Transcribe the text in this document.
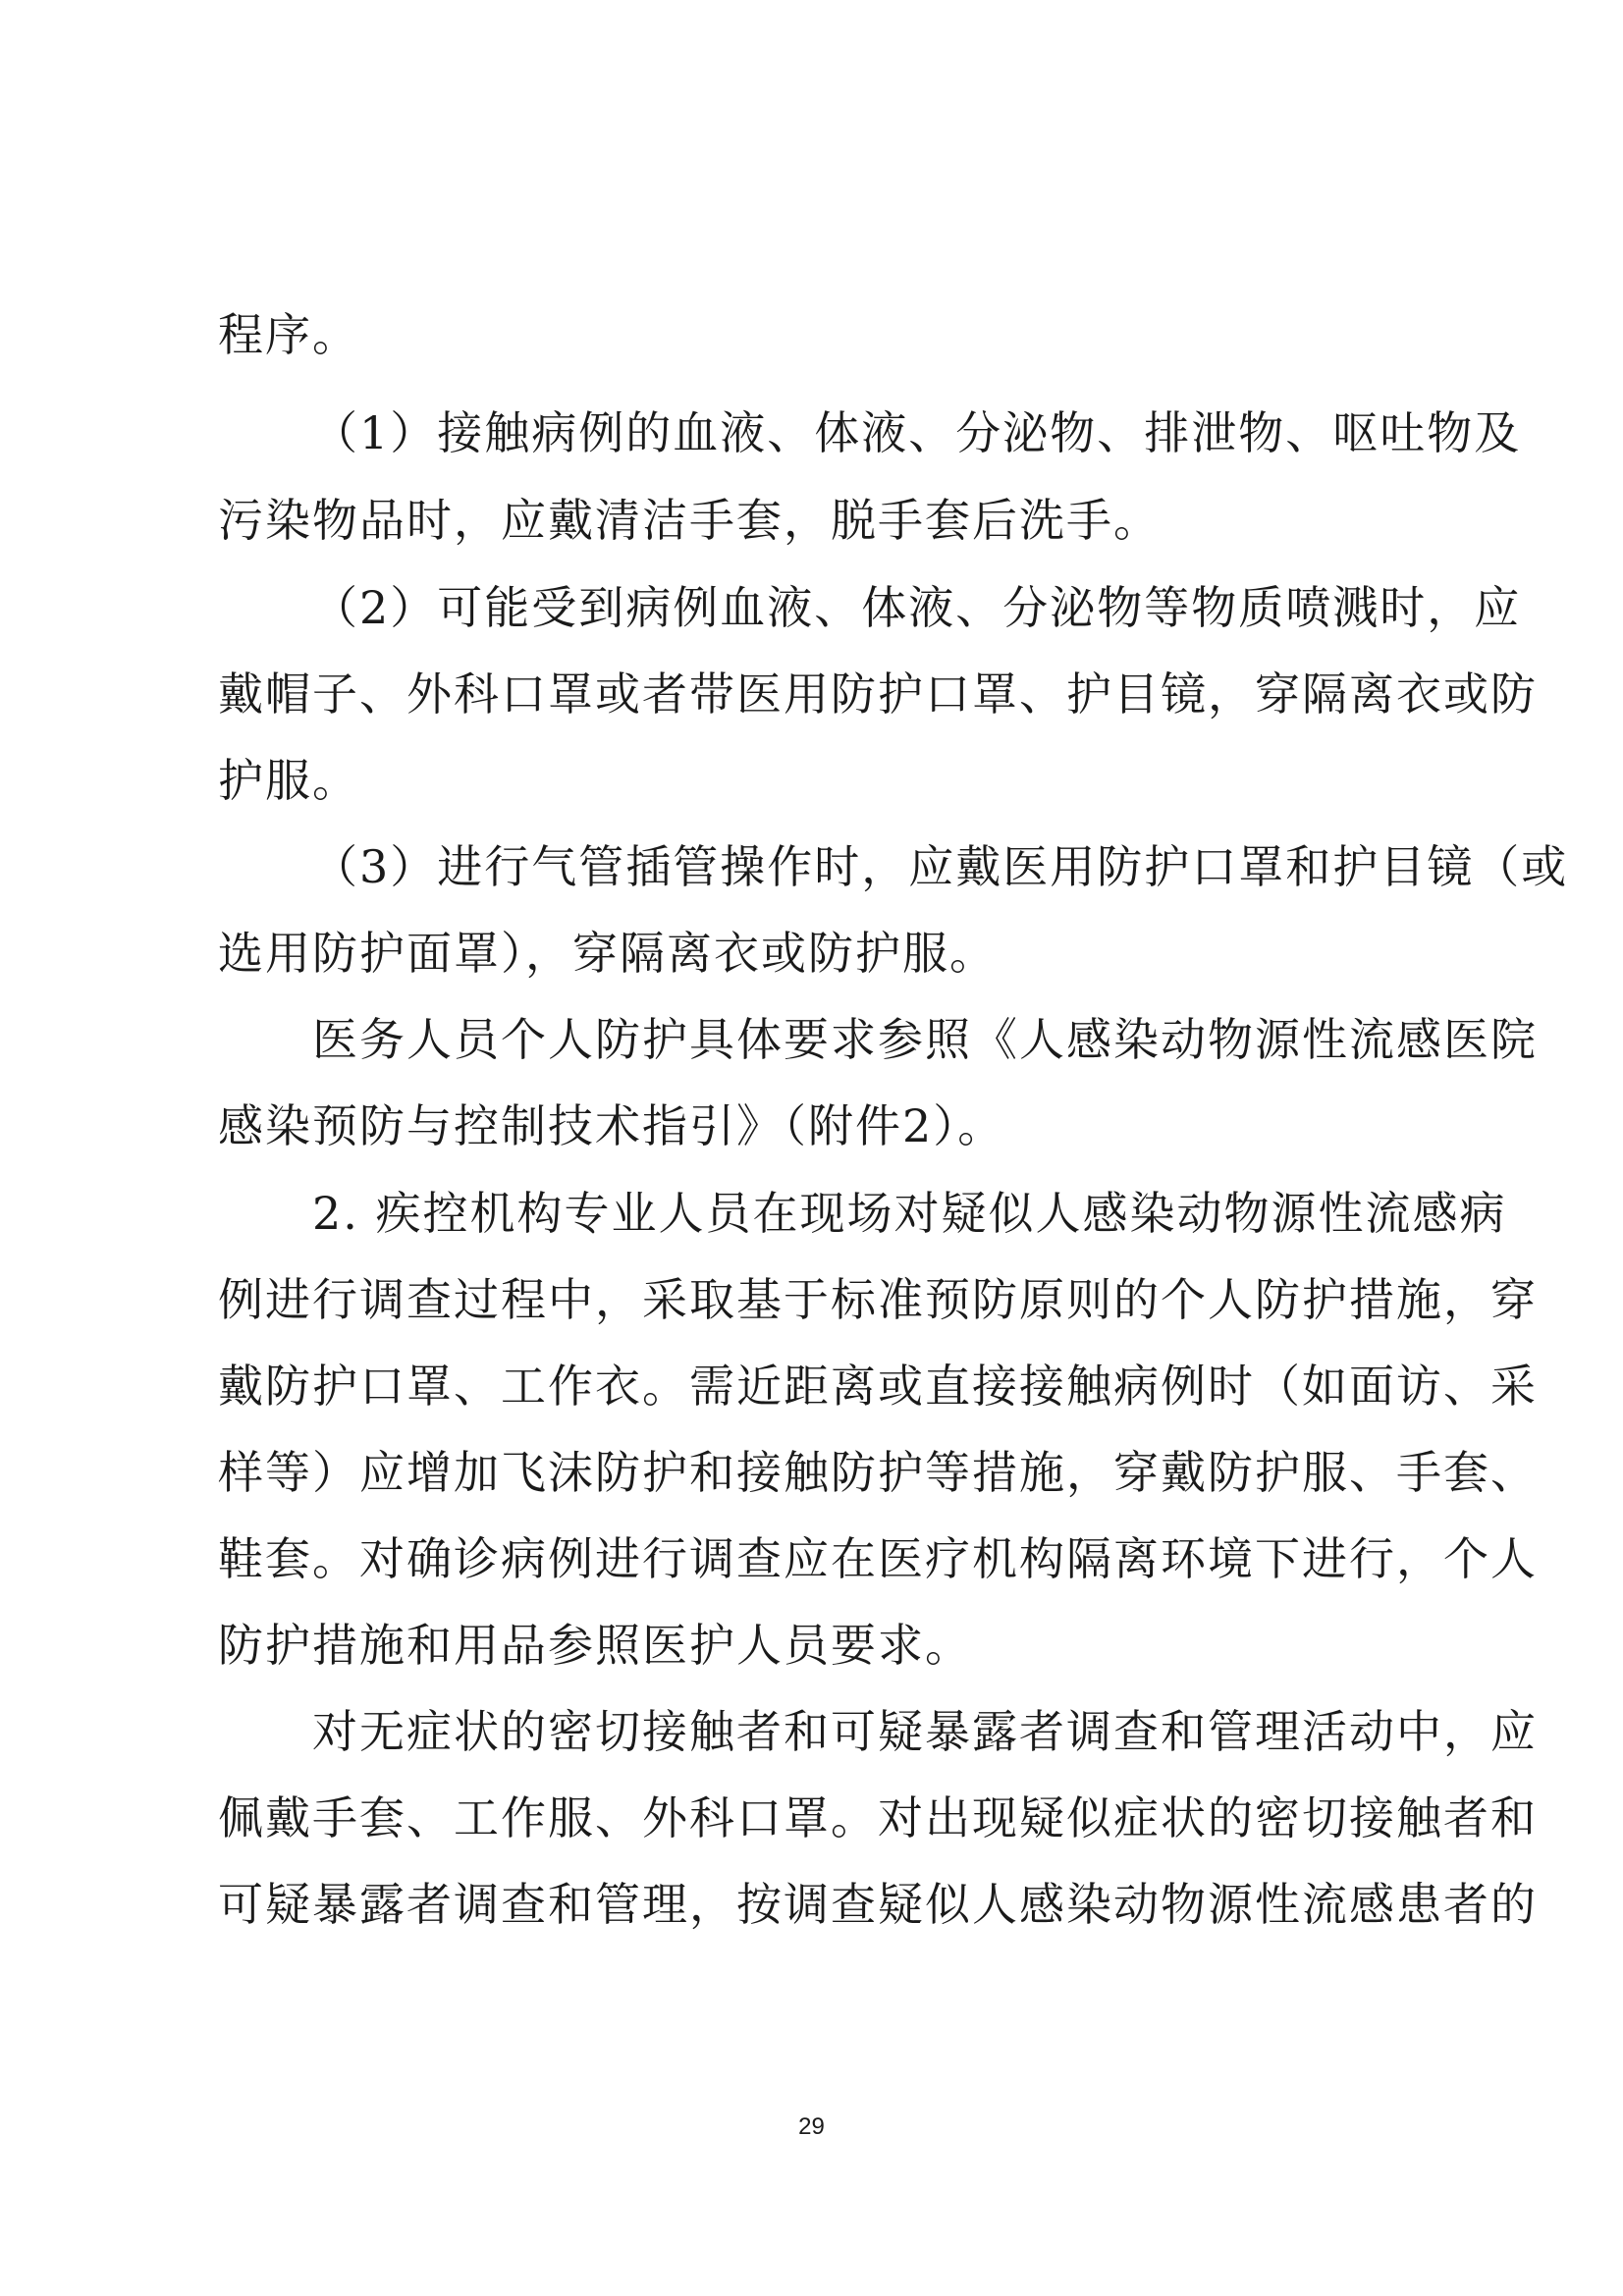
程序。
（1）接触病例的血液、体液、分泌物、排泄物、呕吐物及
污染物品时，应戴清洁手套，脱手套后洗手。
（2）可能受到病例血液、体液、分泌物等物质喷溅时，应
戴帽子、外科口罩或者带医用防护口罩、护目镜，穿隔离衣或防
护服。
（3）进行气管插管操作时，应戴医用防护口罩和护目镜（或
选用防护面罩），穿隔离衣或防护服。
医务人员个人防护具体要求参照《人感染动物源性流感医院
感染预防与控制技术指引》（附件2）。
2. 疾控机构专业人员在现场对疑似人感染动物源性流感病
例进行调查过程中，采取基于标准预防原则的个人防护措施，穿
戴防护口罩、工作衣。需近距离或直接接触病例时（如面访、采
样等）应增加飞沫防护和接触防护等措施，穿戴防护服、手套、
鞋套。对确诊病例进行调查应在医疗机构隔离环境下进行，个人
防护措施和用品参照医护人员要求。
对无症状的密切接触者和可疑暴露者调查和管理活动中，应
佩戴手套、工作服、外科口罩。对出现疑似症状的密切接触者和
可疑暴露者调查和管理，按调查疑似人感染动物源性流感患者的
29
